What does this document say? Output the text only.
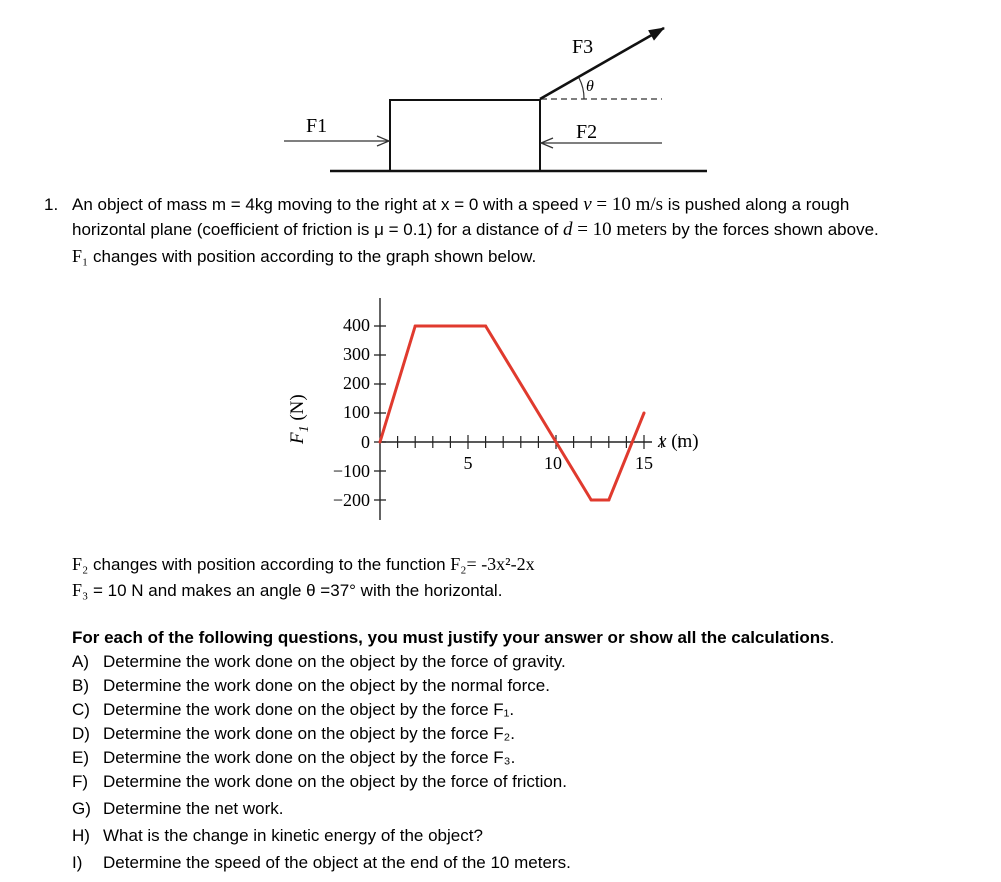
F1	F2
F3
θ
1. An object of mass m = 4kg moving to the right at x = 0 with a speed v = 10 m/s is pushed along a rough
horizontal plane (coefficient of friction is μ = 0.1) for a distance of d = 10 meters by the forces shown above.
F₁ changes with position according to the graph shown below.
400
300
200
100
0
−100
−200
5	10	15
x (m)
$F_1$ (N)
F₂ changes with position according to the function F₂= -3x²-2x
F₃ = 10 N and makes an angle θ =37° with the horizontal.
For each of the following questions, you must justify your answer or show all the calculations.
A) Determine the work done on the object by the force of gravity.
B) Determine the work done on the object by the normal force.
C) Determine the work done on the object by the force F₁.
D) Determine the work done on the object by the force F₂.
E) Determine the work done on the object by the force F₃.
F) Determine the work done on the object by the force of friction.
G) Determine the net work.
H) What is the change in kinetic energy of the object?
I) Determine the speed of the object at the end of the 10 meters.
